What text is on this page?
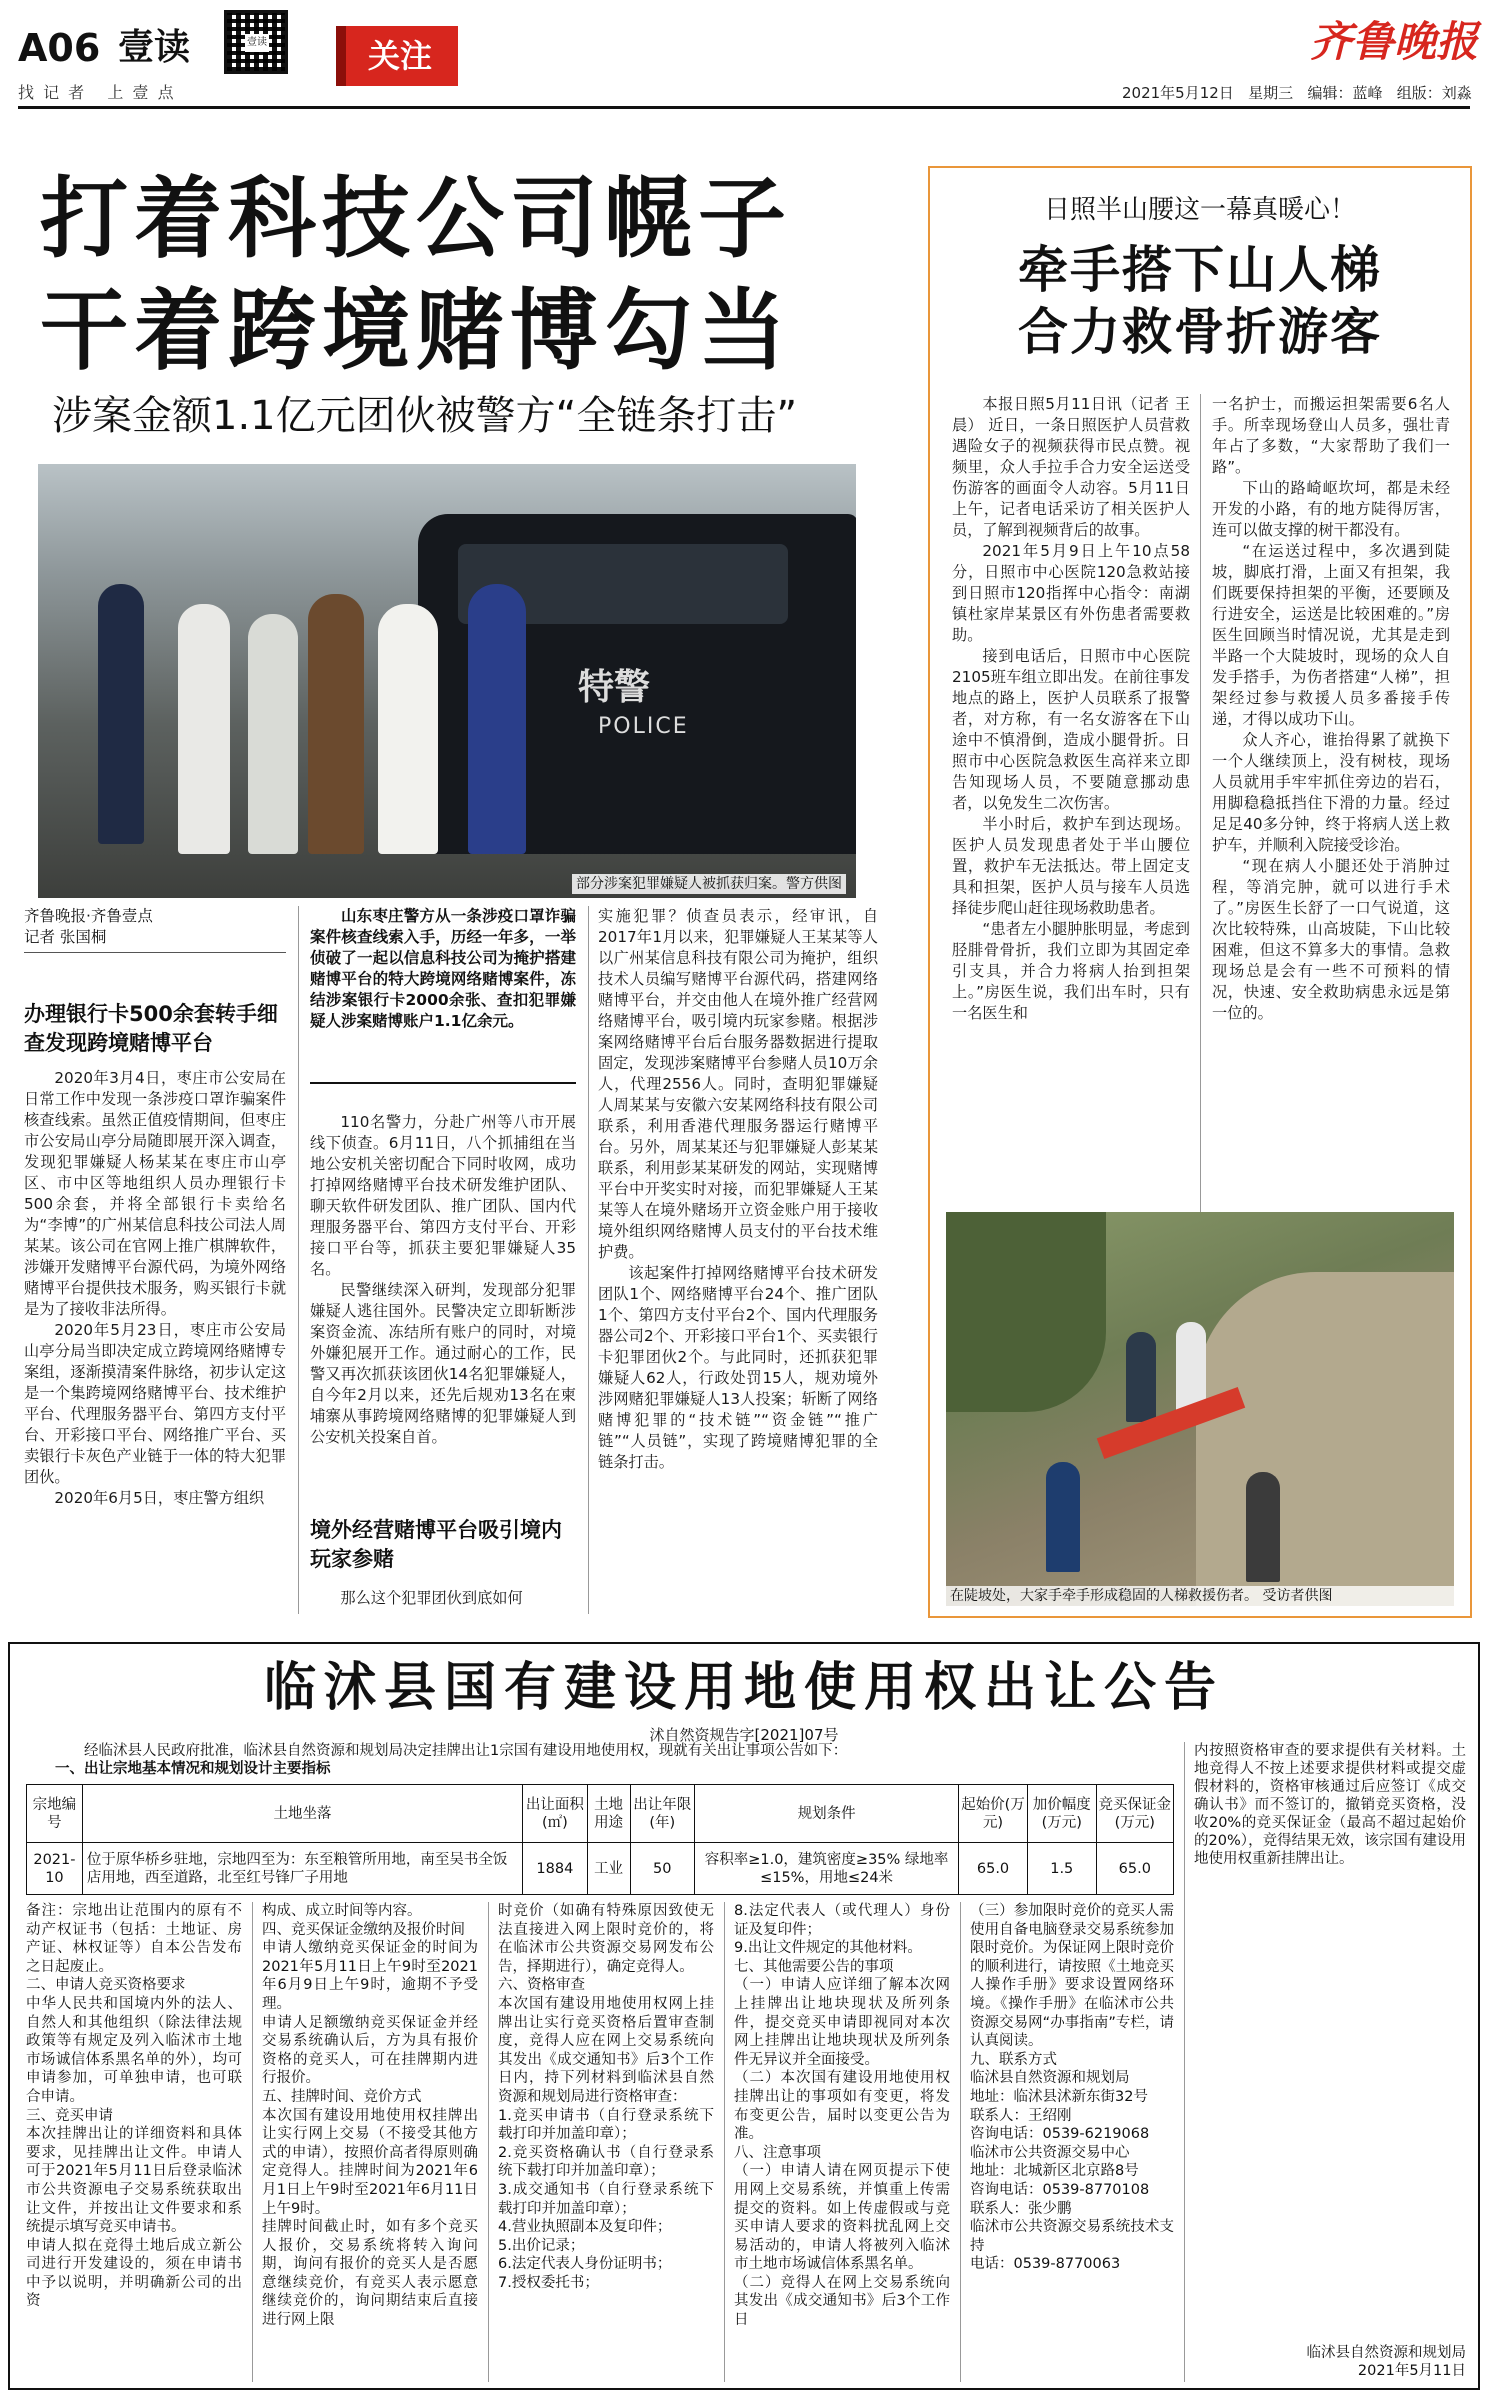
A06 壹读
找 记 者   上 壹 点
壹读	关注	齐鲁晚报
2021年5月12日 星期三 编辑：蓝峰 组版：刘淼
打着科技公司幌子
干着跨境赌博勾当
涉案金额1.1亿元团伙被警方“全链条打击”
特警
POLICE
部分涉案犯罪嫌疑人被抓获归案。警方供图
齐鲁晚报·齐鲁壹点
记者 张国桐
办理银行卡500余套转手细查发现跨境赌博平台

2020年3月4日，枣庄市公安局在日常工作中发现一条涉疫口罩诈骗案件核查线索。虽然正值疫情期间，但枣庄市公安局山亭分局随即展开深入调查，发现犯罪嫌疑人杨某某在枣庄市山亭区、市中区等地组织人员办理银行卡500余套，并将全部银行卡卖给名为“李博”的广州某信息科技公司法人周某某。该公司在官网上推广棋牌软件，涉嫌开发赌博平台源代码，为境外网络赌博平台提供技术服务，购买银行卡就是为了接收非法所得。

2020年5月23日，枣庄市公安局山亭分局当即决定成立跨境网络赌博专案组，逐渐摸清案件脉络，初步认定这是一个集跨境网络赌博平台、技术维护平台、代理服务器平台、第四方支付平台、开彩接口平台、网络推广平台、买卖银行卡灰色产业链于一体的特大犯罪团伙。

2020年6月5日，枣庄警方组织

山东枣庄警方从一条涉疫口罩诈骗案件核查线索入手，历经一年多，一举侦破了一起以信息科技公司为掩护搭建赌博平台的特大跨境网络赌博案件，冻结涉案银行卡2000余张、查扣犯罪嫌疑人涉案赌博账户1.1亿余元。

110名警力，分赴广州等八市开展线下侦查。6月11日，八个抓捕组在当地公安机关密切配合下同时收网，成功打掉网络赌博平台技术研发维护团队、聊天软件研发团队、推广团队、国内代理服务器平台、第四方支付平台、开彩接口平台等，抓获主要犯罪嫌疑人35名。

民警继续深入研判，发现部分犯罪嫌疑人逃往国外。民警决定立即斩断涉案资金流、冻结所有账户的同时，对境外嫌犯展开工作。通过耐心的工作，民警又再次抓获该团伙14名犯罪嫌疑人，自今年2月以来，还先后规劝13名在柬埔寨从事跨境网络赌博的犯罪嫌疑人到公安机关投案自首。

境外经营赌博平台吸引境内玩家参赌

那么这个犯罪团伙到底如何

实施犯罪？侦查员表示，经审讯，自2017年1月以来，犯罪嫌疑人王某某等人以广州某信息科技有限公司为掩护，组织技术人员编写赌博平台源代码，搭建网络赌博平台，并交由他人在境外推广经营网络赌博平台，吸引境内玩家参赌。根据涉案网络赌博平台后台服务器数据进行提取固定，发现涉案赌博平台参赌人员10万余人，代理2556人。同时，查明犯罪嫌疑人周某某与安徽六安某网络科技有限公司联系，利用香港代理服务器运行赌博平台。另外，周某某还与犯罪嫌疑人彭某某联系，利用彭某某研发的网站，实现赌博平台中开奖实时对接，而犯罪嫌疑人王某某等人在境外赌场开立资金账户用于接收境外组织网络赌博人员支付的平台技术维护费。

该起案件打掉网络赌博平台技术研发团队1个、网络赌博平台24个、推广团队1个、第四方支付平台2个、国内代理服务器公司2个、开彩接口平台1个、买卖银行卡犯罪团伙2个。与此同时，还抓获犯罪嫌疑人62人，行政处罚15人，规劝境外涉网赌犯罪嫌疑人13人投案；斩断了网络赌博犯罪的“技术链”“资金链”“推广链”“人员链”，实现了跨境赌博犯罪的全链条打击。

日照半山腰这一幕真暖心！
牵手搭下山人梯
合力救骨折游客

本报日照5月11日讯（记者 王晨） 近日，一条日照医护人员营救遇险女子的视频获得市民点赞。视频里，众人手拉手合力安全运送受伤游客的画面令人动容。5月11日上午，记者电话采访了相关医护人员，了解到视频背后的故事。

2021年5月9日上午10点58分，日照市中心医院120急救站接到日照市120指挥中心指令：南湖镇杜家岸某景区有外伤患者需要救助。

接到电话后，日照市中心医院2105班车组立即出发。在前往事发地点的路上，医护人员联系了报警者，对方称，有一名女游客在下山途中不慎滑倒，造成小腿骨折。日照市中心医院急救医生高祥来立即告知现场人员，不要随意挪动患者，以免发生二次伤害。

半小时后，救护车到达现场。医护人员发现患者处于半山腰位置，救护车无法抵达。带上固定支具和担架，医护人员与接车人员选择徒步爬山赶往现场救助患者。

“患者左小腿肿胀明显，考虑到胫腓骨骨折，我们立即为其固定牵引支具，并合力将病人抬到担架上。”房医生说，我们出车时，只有一名医生和

一名护士，而搬运担架需要6名人手。所幸现场登山人员多，强壮青年占了多数，“大家帮助了我们一路”。

下山的路崎岖坎坷，都是未经开发的小路，有的地方陡得厉害，连可以做支撑的树干都没有。

“在运送过程中，多次遇到陡坡，脚底打滑，上面又有担架，我们既要保持担架的平衡，还要顾及行进安全，运送是比较困难的。”房医生回顾当时情况说，尤其是走到半路一个大陡坡时，现场的众人自发手搭手，为伤者搭建“人梯”，担架经过参与救援人员多番接手传递，才得以成功下山。

众人齐心，谁抬得累了就换下一个人继续顶上，没有树枝，现场人员就用手牢牢抓住旁边的岩石，用脚稳稳抵挡住下滑的力量。经过足足40多分钟，终于将病人送上救护车，并顺利入院接受诊治。

“现在病人小腿还处于消肿过程，等消完肿，就可以进行手术了。”房医生长舒了一口气说道，这次比较特殊，山高坡陡，下山比较困难，但这不算多大的事情。急救现场总是会有一些不可预料的情况，快速、安全救助病患永远是第一位的。

在陡坡处，大家手牵手形成稳固的人梯救援伤者。 受访者供图
临沭县国有建设用地使用权出让公告
沭自然资规告字[2021]07号
经临沭县人民政府批准，临沭县自然资源和规划局决定挂牌出让1宗国有建设用地使用权，现就有关出让事项公告如下：
一、出让宗地基本情况和规划设计主要指标
宗地编号	土地坐落	出让面积(㎡)	土地用途	出让年限(年)	规划条件	起始价(万元)	加价幅度(万元)	竞买保证金(万元)
2021-10	位于原华桥乡驻地，宗地四至为：东至粮管所用地，南至吴书全饭店用地，西至道路，北至红号锋厂子用地	1884	工业	50	容积率≥1.0，建筑密度≥35% 绿地率≤15%，用地≤24米	65.0	1.5	65.0
内按照资格审查的要求提供有关材料。土地竞得人不按上述要求提供材料或提交虚假材料的，资格审核通过后应签订《成交确认书》而不签订的，撤销竞买资格，没收20%的竞买保证金（最高不超过起始价的20%），竞得结果无效，该宗国有建设用地使用权重新挂牌出让。
备注：宗地出让范围内的原有不动产权证书（包括：土地证、房产证、林权证等）自本公告发布之日起废止。
二、申请人竞买资格要求
中华人民共和国境内外的法人、自然人和其他组织（除法律法规政策等有规定及列入临沭市土地市场诚信体系黑名单的外），均可申请参加，可单独申请，也可联合申请。
三、竞买申请
本次挂牌出让的详细资料和具体要求，见挂牌出让文件。申请人可于2021年5月11日后登录临沭市公共资源电子交易系统获取出让文件，并按出让文件要求和系统提示填写竞买申请书。
申请人拟在竞得土地后成立新公司进行开发建设的，须在申请书中予以说明，并明确新公司的出资
构成、成立时间等内容。
四、竞买保证金缴纳及报价时间
申请人缴纳竞买保证金的时间为2021年5月11日上午9时至2021年6月9日上午9时，逾期不予受理。
申请人足额缴纳竞买保证金并经交易系统确认后，方为具有报价资格的竞买人，可在挂牌期内进行报价。
五、挂牌时间、竞价方式
本次国有建设用地使用权挂牌出让实行网上交易（不接受其他方式的申请），按照价高者得原则确定竞得人。挂牌时间为2021年6月1日上午9时至2021年6月11日上午9时。
挂牌时间截止时，如有多个竞买人报价，交易系统将转入询问期，询问有报价的竞买人是否愿意继续竞价，有竞买人表示愿意继续竞价的，询问期结束后直接进行网上限
时竞价（如确有特殊原因致使无法直接进入网上限时竞价的，将在临沭市公共资源交易网发布公告，择期进行），确定竞得人。
六、资格审查
本次国有建设用地使用权网上挂牌出让实行竞买资格后置审查制度，竞得人应在网上交易系统向其发出《成交通知书》后3个工作日内，持下列材料到临沭县自然资源和规划局进行资格审查：
1.竞买申请书（自行登录系统下载打印并加盖印章）；
2.竞买资格确认书（自行登录系统下载打印并加盖印章）；
3.成交通知书（自行登录系统下载打印并加盖印章）；
4.营业执照副本及复印件；
5.出价记录；
6.法定代表人身份证明书；
7.授权委托书；
8.法定代表人（或代理人）身份证及复印件；
9.出让文件规定的其他材料。
七、其他需要公告的事项
（一）申请人应详细了解本次网上挂牌出让地块现状及所列条件，提交竞买申请即视同对本次网上挂牌出让地块现状及所列条件无异议并全面接受。
（二）本次国有建设用地使用权挂牌出让的事项如有变更，将发布变更公告，届时以变更公告为准。
八、注意事项
（一）申请人请在网页提示下使用网上交易系统，并慎重上传需提交的资料。如上传虚假或与竞买申请人要求的资料扰乱网上交易活动的，申请人将被列入临沭市土地市场诚信体系黑名单。
（二）竞得人在网上交易系统向其发出《成交通知书》后3个工作日
（三）参加限时竞价的竞买人需使用自备电脑登录交易系统参加限时竞价。为保证网上限时竞价的顺利进行，请按照《土地竞买人操作手册》要求设置网络环境。《操作手册》在临沭市公共资源交易网“办事指南”专栏，请认真阅读。
九、联系方式
临沭县自然资源和规划局
地址：临沭县沭新东街32号
联系人：王绍刚
咨询电话：0539-6219068
临沭市公共资源交易中心
地址：北城新区北京路8号
咨询电话：0539-8770108
联系人：张少鹏
临沭市公共资源交易系统技术支持
电话：0539-8770063
临沭县自然资源和规划局
2021年5月11日
